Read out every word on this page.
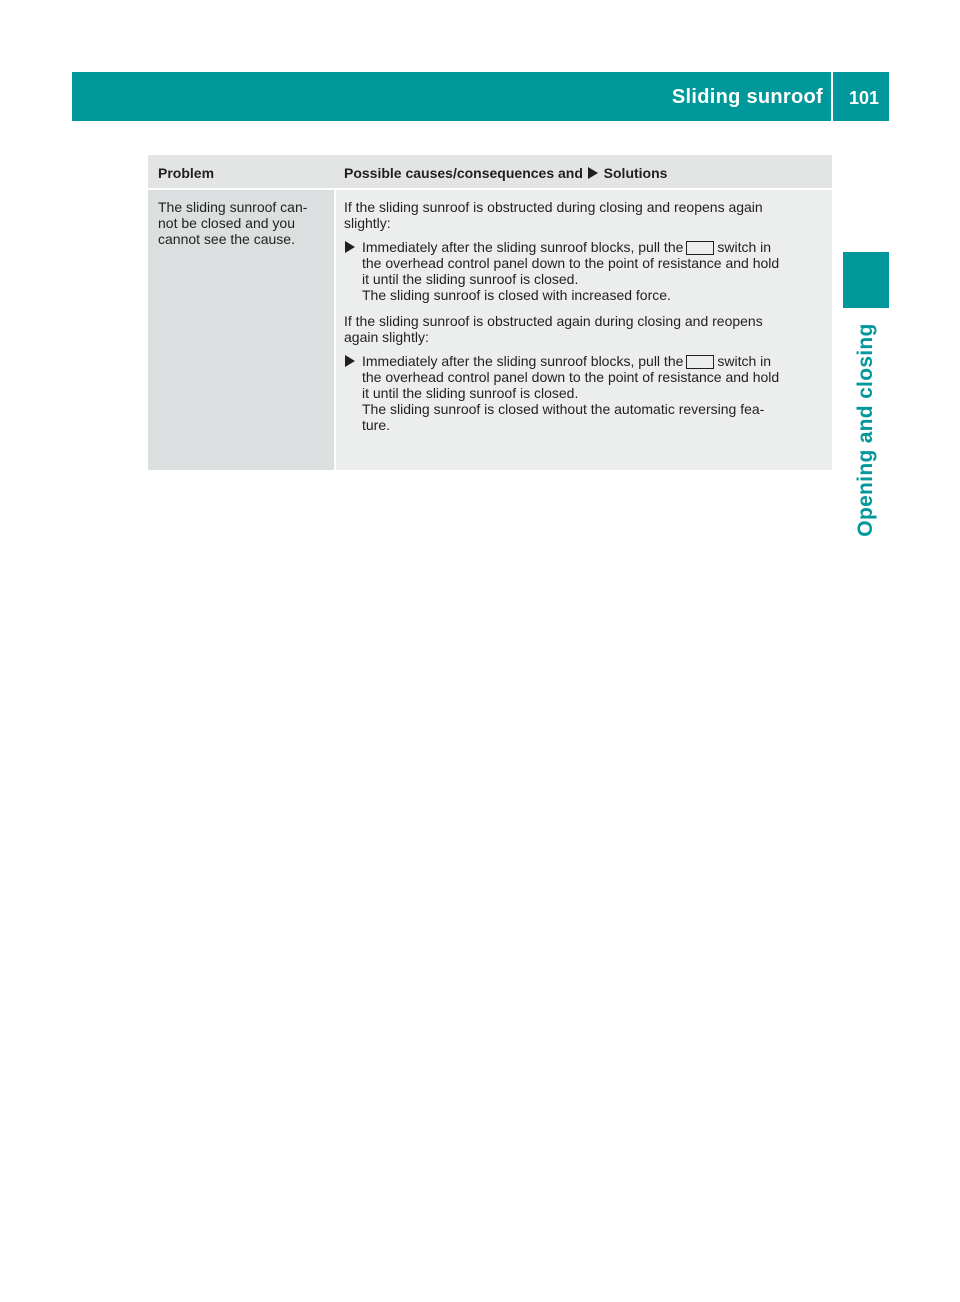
Sliding sunroof 101
Opening and closing
Problem	Possible causes/consequences and Solutions
The sliding sunroof can-
not be closed and you
cannot see the cause.
If the sliding sunroof is obstructed during closing and reopens again
slightly:
Immediately after the sliding sunroof blocks, pull the switch in
the overhead control panel down to the point of resistance and hold
it until the sliding sunroof is closed.
The sliding sunroof is closed with increased force.
If the sliding sunroof is obstructed again during closing and reopens
again slightly:
Immediately after the sliding sunroof blocks, pull the switch in
the overhead control panel down to the point of resistance and hold
it until the sliding sunroof is closed.
The sliding sunroof is closed without the automatic reversing fea-
ture.
